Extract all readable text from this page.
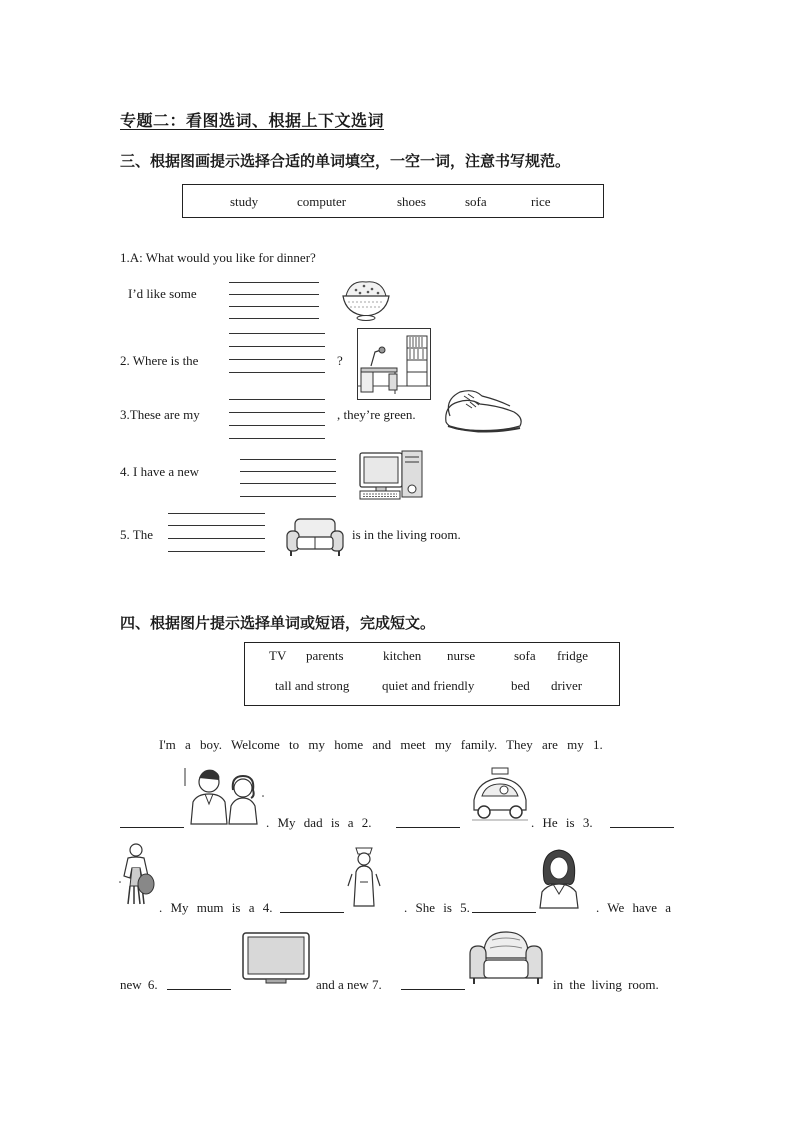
专题二：看图选词、根据上下文选词
三、根据图画提示选择合适的单词填空，一空一词，注意书写规范。
study	computer	shoes	sofa	rice
1.A: What would you like for dinner?
I’d like some
2. Where is the	?
3.These are my	, they’re green.
4. I have a new
5. The	is in the living room.
四、根据图片提示选择单词或短语，完成短文。
TV parents	kitchen nurse	sofa fridge
tall and strong	quiet and friendly	bed driver
I'm a boy. Welcome to my home and meet my family. They are my 1.
. My dad is a 2.	. He is 3.
. My mum is a 4.	. She is 5.	. We have a
new 6.	and a new 7.	in the living room.
